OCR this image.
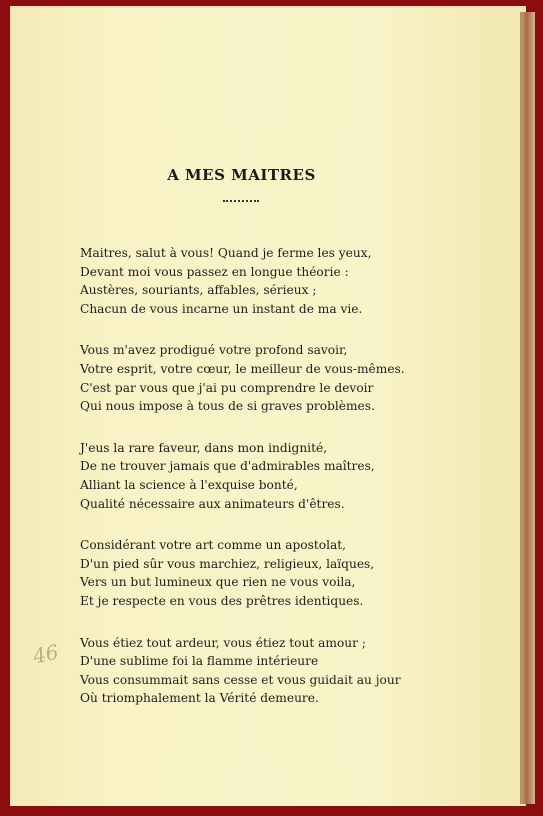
A MES MAITRES
Maitres, salut à vous! Quand je ferme les yeux,
Devant moi vous passez en longue théorie :
Austères, souriants, affables, sérieux ;
Chacun de vous incarne un instant de ma vie.
Vous m'avez prodigué votre profond savoir,
Votre esprit, votre cœur, le meilleur de vous-mêmes.
C'est par vous que j'ai pu comprendre le devoir
Qui nous impose à tous de si graves problèmes.
J'eus la rare faveur, dans mon indignité,
De ne trouver jamais que d'admirables maîtres,
Alliant la science à l'exquise bonté,
Qualité nécessaire aux animateurs d'êtres.
Considérant votre art comme un apostolat,
D'un pied sûr vous marchiez, religieux, laïques,
Vers un but lumineux que rien ne vous voila,
Et je respecte en vous des prêtres identiques.
Vous étiez tout ardeur, vous étiez tout amour ;
D'une sublime foi la flamme intérieure
Vous consummait sans cesse et vous guidait au jour
Où triomphalement la Vérité demeure.
46
